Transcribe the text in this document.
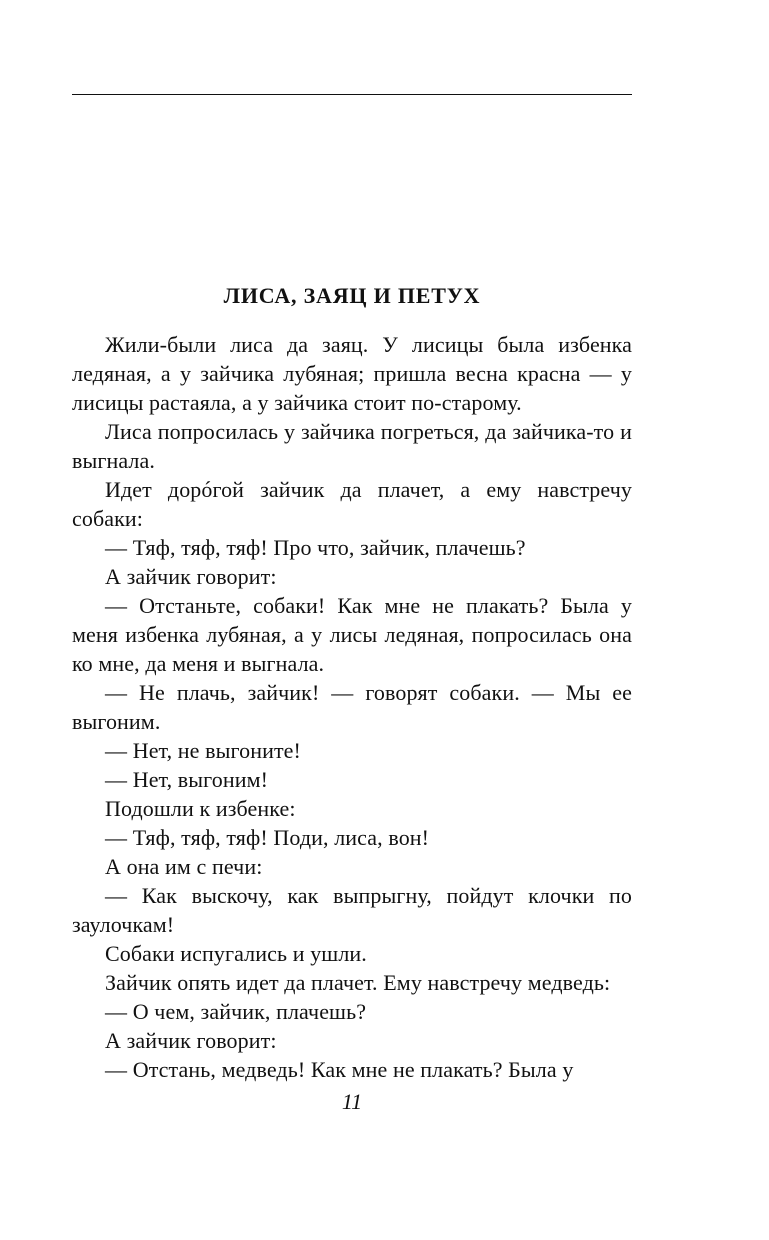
ЛИСА, ЗАЯЦ И ПЕТУХ

Жили-были лиса да заяц. У лисицы была избенка ледяная, а у зайчика лубяная; пришла весна красна — у лисицы растаяла, а у зайчика стоит по-старому.

Лиса попросилась у зайчика погреться, да зайчика-то и выгнала.

Идет дорóгой зайчик да плачет, а ему навстречу собаки:

— Тяф, тяф, тяф! Про что, зайчик, плачешь?

А зайчик говорит:

— Отстаньте, собаки! Как мне не плакать? Была у меня избенка лубяная, а у лисы ледяная, попросилась она ко мне, да меня и выгнала.

— Не плачь, зайчик! — говорят собаки. — Мы ее выгоним.

— Нет, не выгоните!

— Нет, выгоним!

Подошли к избенке:

— Тяф, тяф, тяф! Поди, лиса, вон!

А она им с печи:

— Как выскочу, как выпрыгну, пойдут клочки по заулочкам!

Собаки испугались и ушли.

Зайчик опять идет да плачет. Ему навстречу медведь:

— О чем, зайчик, плачешь?

А зайчик говорит:

— Отстань, медведь! Как мне не плакать? Была у

11
